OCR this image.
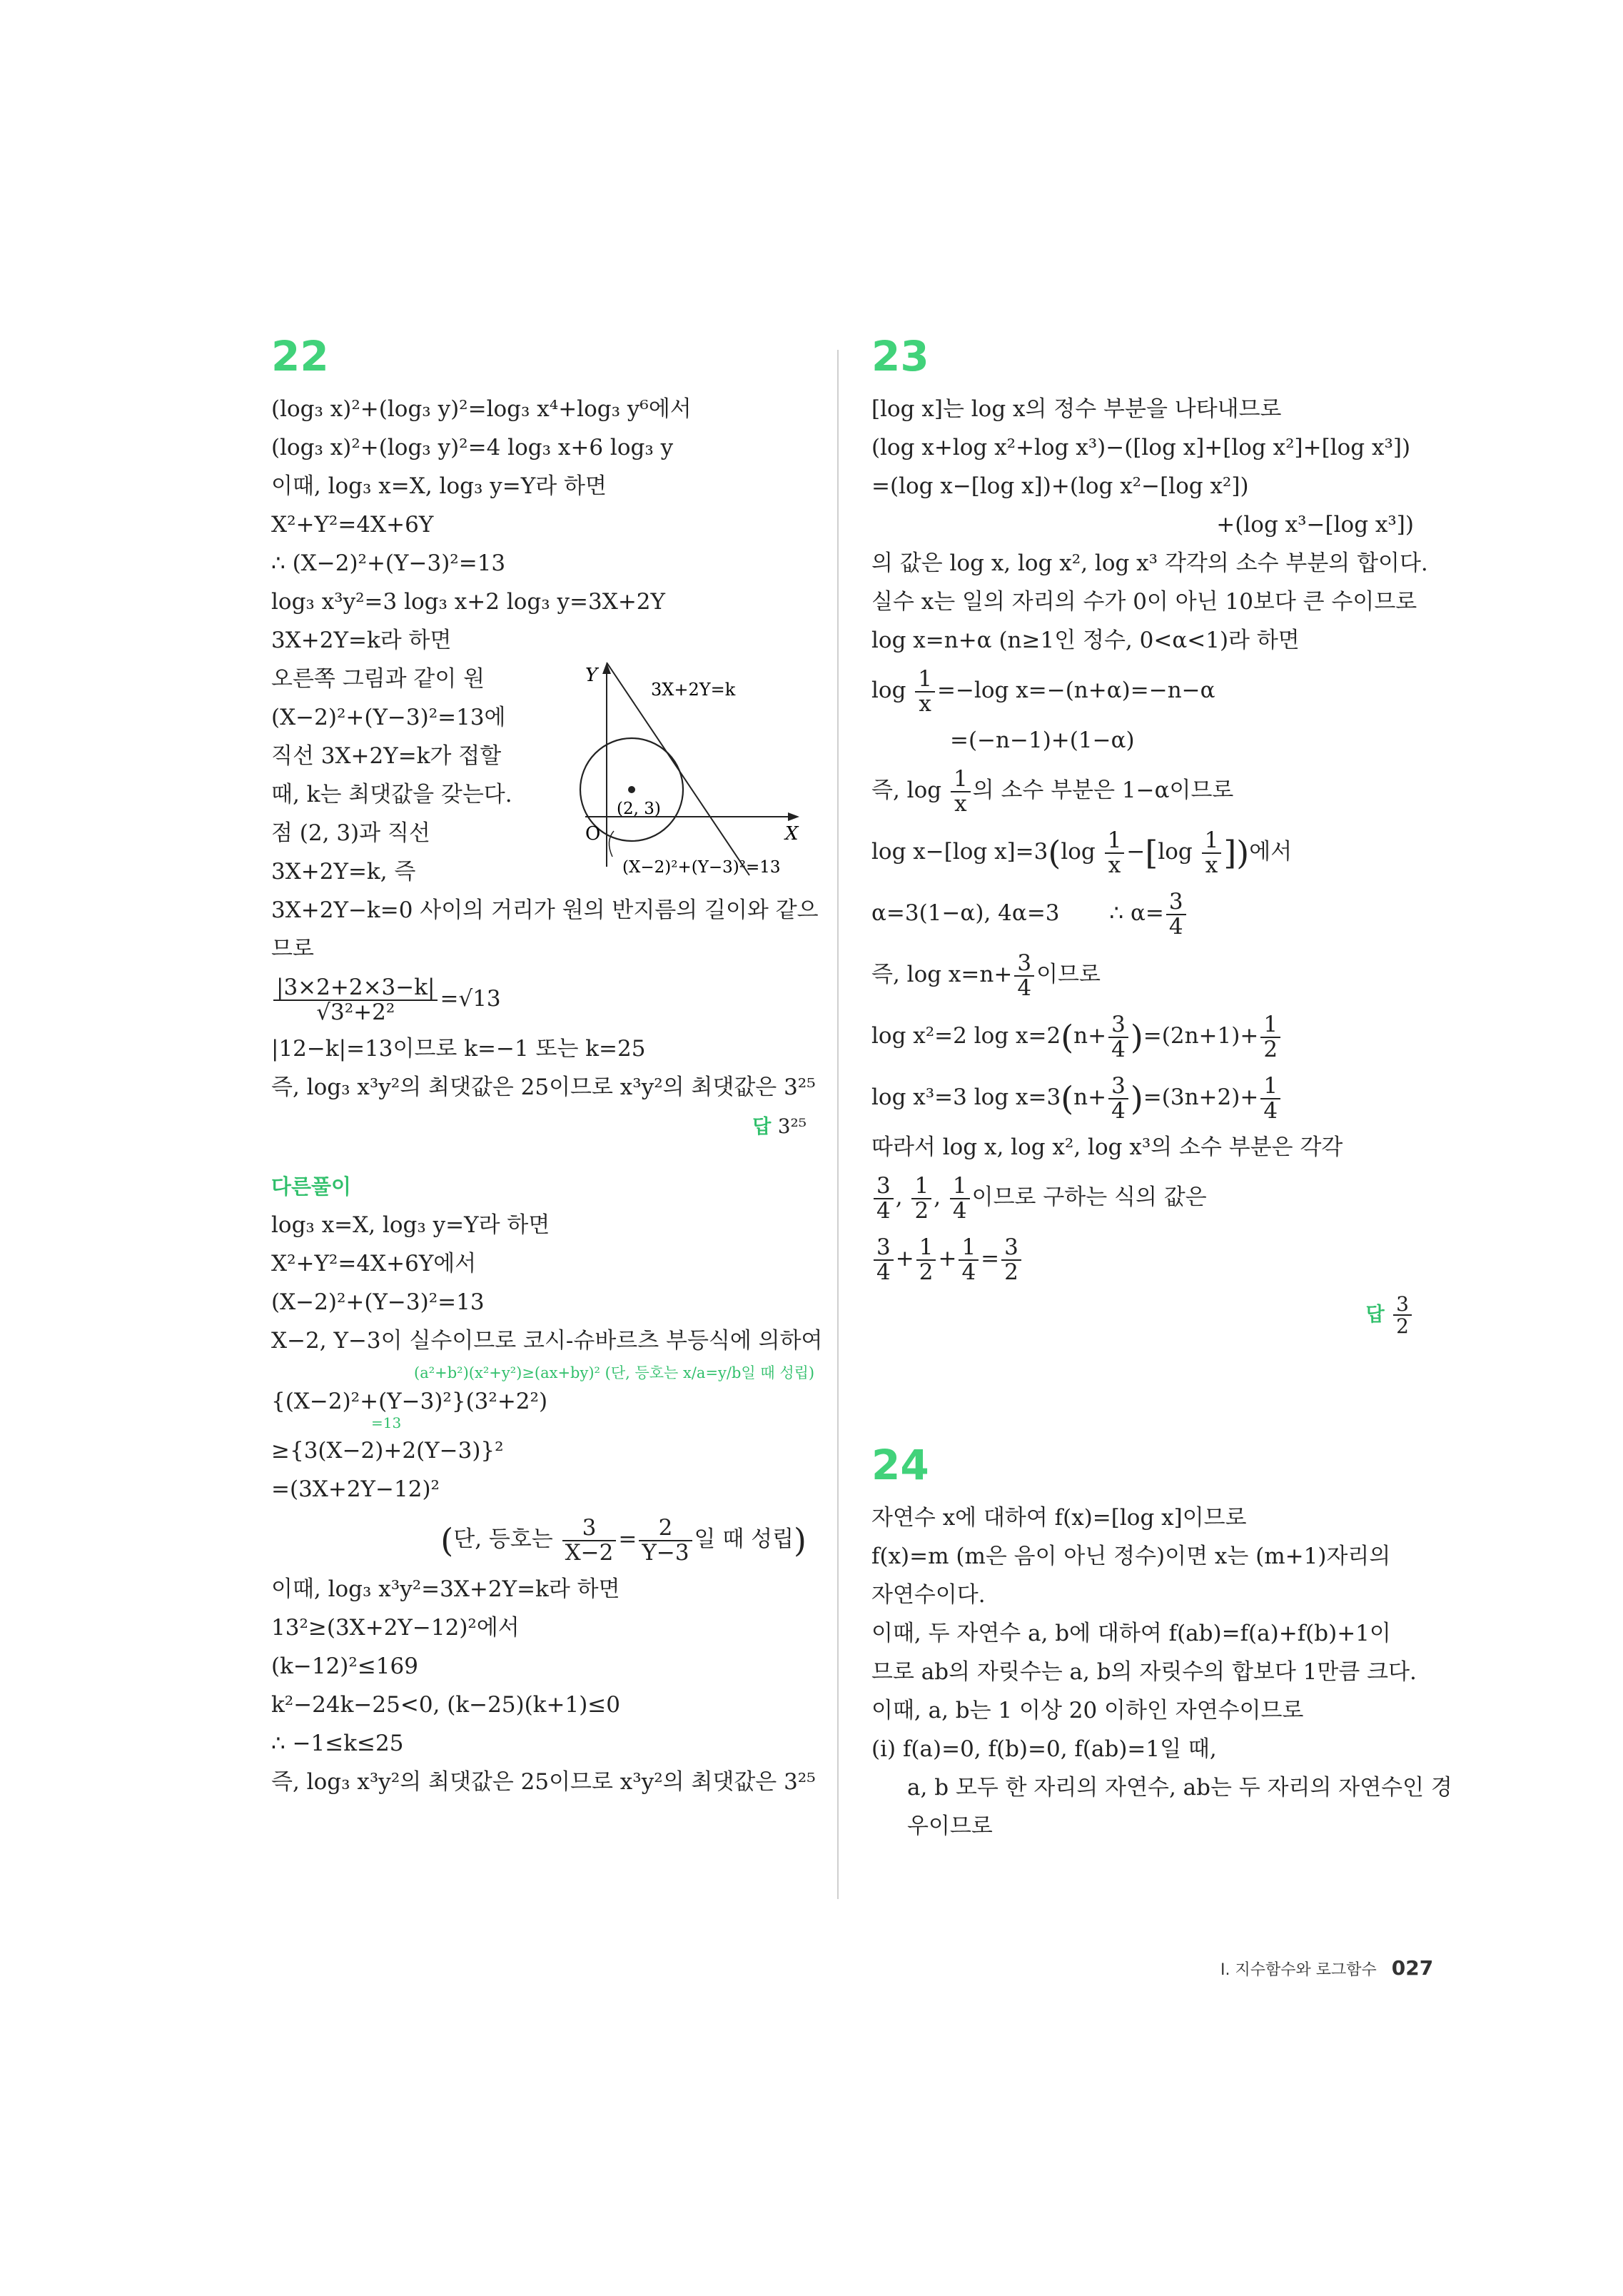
22
(log₃ x)²+(log₃ y)²=log₃ x⁴+log₃ y⁶에서
(log₃ x)²+(log₃ y)²=4 log₃ x+6 log₃ y
이때, log₃ x=X, log₃ y=Y라 하면
X²+Y²=4X+6Y
∴ (X−2)²+(Y−3)²=13
log₃ x³y²=3 log₃ x+2 log₃ y=3X+2Y
3X+2Y=k라 하면
오른쪽 그림과 같이 원
(X−2)²+(Y−3)²=13에
직선 3X+2Y=k가 접할
때, k는 최댓값을 갖는다.
점 (2, 3)과 직선
3X+2Y=k, 즉
Y
X
O
3X+2Y=k
(2, 3)
(X−2)²+(Y−3)²=13
3X+2Y−k=0 사이의 거리가 원의 반지름의 길이와 같으
므로
$\frac{|3\times 2+2\times 3-k|}{\text{√3²+2²}} =√13$
|12−k|=13이므로 k=−1 또는 k=25
즉, log₃ x³y²의 최댓값은 25이므로 x³y²의 최댓값은 3²⁵
답 3²⁵
다른풀이
log₃ x=X, log₃ y=Y라 하면
X²+Y²=4X+6Y에서
(X−2)²+(Y−3)²=13
X−2, Y−3이 실수이므로 코시-슈바르츠 부등식에 의하여
(a²+b²)(x²+y²)≥(ax+by)² (단, 등호는 x/a=y/b일 때 성립)
{(X−2)²+(Y−3)²}(3²+2²)
=13
≥{3(X−2)+2(Y−3)}²
=(3X+2Y−12)²
(단, 등호는 $\frac{3}{X-2} = \frac{2}{Y-3}$ 일 때 성립)
이때, log₃ x³y²=3X+2Y=k라 하면
13²≥(3X+2Y−12)²에서
(k−12)²≤169
k²−24k−25<0, (k−25)(k+1)≤0
∴ −1≤k≤25
즉, log₃ x³y²의 최댓값은 25이므로 x³y²의 최댓값은 3²⁵
23
[log x]는 log x의 정수 부분을 나타내므로
(log x+log x²+log x³)−([log x]+[log x²]+[log x³])
=(log x−[log x])+(log x²−[log x²])
+(log x³−[log x³])
의 값은 log x, log x², log x³ 각각의 소수 부분의 합이다.
실수 x는 일의 자리의 수가 0이 아닌 10보다 큰 수이므로
log x=n+α (n≥1인 정수, 0<α<1)라 하면
$\log \frac{1}{x} =-\log$ x=−(n+α)=−n−α
=(−n−1)+(1−α)
즉, $\log \frac{1}{x}$ 의 소수 부분은 1−α이므로
log x−[log $x]=3(\log \frac{1}{x} -[\log \frac{1}{x}$ ])에서
α=3(1−α), 4α=3 ∴ $\alpha= \frac{3}{4}$
즉, $\log x=n+ \frac{3}{4}$ 이므로
log x²=2 $\log x=2(n+ \frac{3}{4} )=(2n+1)+ \frac{1}{2}$
log x³=3 $\log x=3(n+ \frac{3}{4} )=(3n+2)+ \frac{1}{4}$
따라서 log x, log x², log x³의 소수 부분은 각각
$\frac{3}{4}$ , $\frac{1}{2}$ , $\frac{1}{4}$ 이므로 구하는 식의 값은
$\frac{3}{4} + \frac{1}{2} + \frac{1}{4} = \frac{3}{2}$
답 $\frac{3}{2}$
24
자연수 x에 대하여 f(x)=[log x]이므로
f(x)=m (m은 음이 아닌 정수)이면 x는 (m+1)자리의
자연수이다.
이때, 두 자연수 a, b에 대하여 f(ab)=f(a)+f(b)+1이
므로 ab의 자릿수는 a, b의 자릿수의 합보다 1만큼 크다.
이때, a, b는 1 이상 20 이하인 자연수이므로
(ⅰ) f(a)=0, f(b)=0, f(ab)=1일 때,
a, b 모두 한 자리의 자연수, ab는 두 자리의 자연수인 경
우이므로
Ⅰ. 지수함수와 로그함수 027
